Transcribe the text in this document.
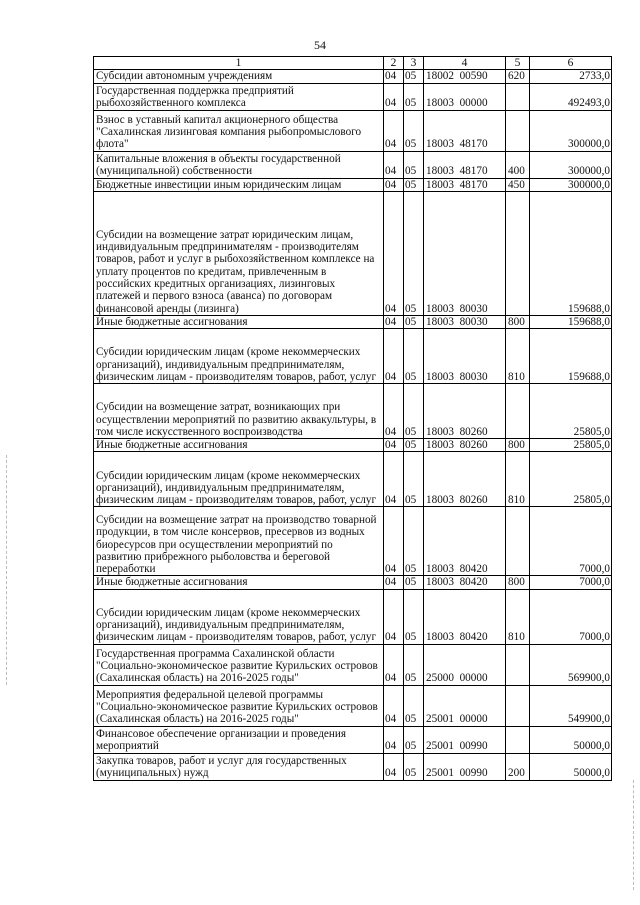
54
1	2	3	4	5	6
Субсидии автономным учреждениям	04	05	18002  00590	620	2733,0
Государственная поддержка предприятий рыбохозяйственного комплекса	04	05	18003  00000		492493,0
Взнос в уставный капитал акционерного общества "Сахалинская лизинговая компания рыбопромыслового флота"	04	05	18003  48170		300000,0
Капитальные вложения в объекты государственной (муниципальной) собственности	04	05	18003  48170	400	300000,0
Бюджетные инвестиции иным юридическим лицам	04	05	18003  48170	450	300000,0
Субсидии на возмещение затрат юридическим лицам, индивидуальным предпринимателям - производителям товаров, работ и услуг в рыбохозяйственном комплексе на уплату процентов по кредитам, привлеченным в российских кредитных организациях, лизинговых платежей и первого взноса (аванса) по договорам финансовой аренды (лизинга)	04	05	18003  80030		159688,0
Иные бюджетные ассигнования	04	05	18003  80030	800	159688,0
Субсидии юридическим лицам (кроме некоммерческих организаций), индивидуальным предпринимателям, физическим лицам - производителям товаров, работ, услуг	04	05	18003  80030	810	159688,0
Субсидии на возмещение затрат, возникающих при осуществлении мероприятий по развитию аквакультуры, в том числе искусственного воспроизводства	04	05	18003  80260		25805,0
Иные бюджетные ассигнования	04	05	18003  80260	800	25805,0
Субсидии юридическим лицам (кроме некоммерческих организаций), индивидуальным предпринимателям, физическим лицам - производителям товаров, работ, услуг	04	05	18003  80260	810	25805,0
Субсидии на возмещение затрат на производство товарной продукции, в том числе консервов, пресервов из водных биоресурсов при осуществлении мероприятий по развитию прибрежного рыболовства и береговой переработки	04	05	18003  80420		7000,0
Иные бюджетные ассигнования	04	05	18003  80420	800	7000,0
Субсидии юридическим лицам (кроме некоммерческих организаций), индивидуальным предпринимателям, физическим лицам - производителям товаров, работ, услуг	04	05	18003  80420	810	7000,0
Государственная программа Сахалинской области "Социально-экономическое развитие Курильских островов (Сахалинская область) на 2016-2025 годы"	04	05	25000  00000		569900,0
Мероприятия федеральной целевой программы "Социально-экономическое развитие Курильских островов (Сахалинская область) на 2016-2025 годы"	04	05	25001  00000		549900,0
Финансовое обеспечение организации и проведения мероприятий	04	05	25001  00990		50000,0
Закупка товаров, работ и услуг для государственных (муниципальных) нужд	04	05	25001  00990	200	50000,0
